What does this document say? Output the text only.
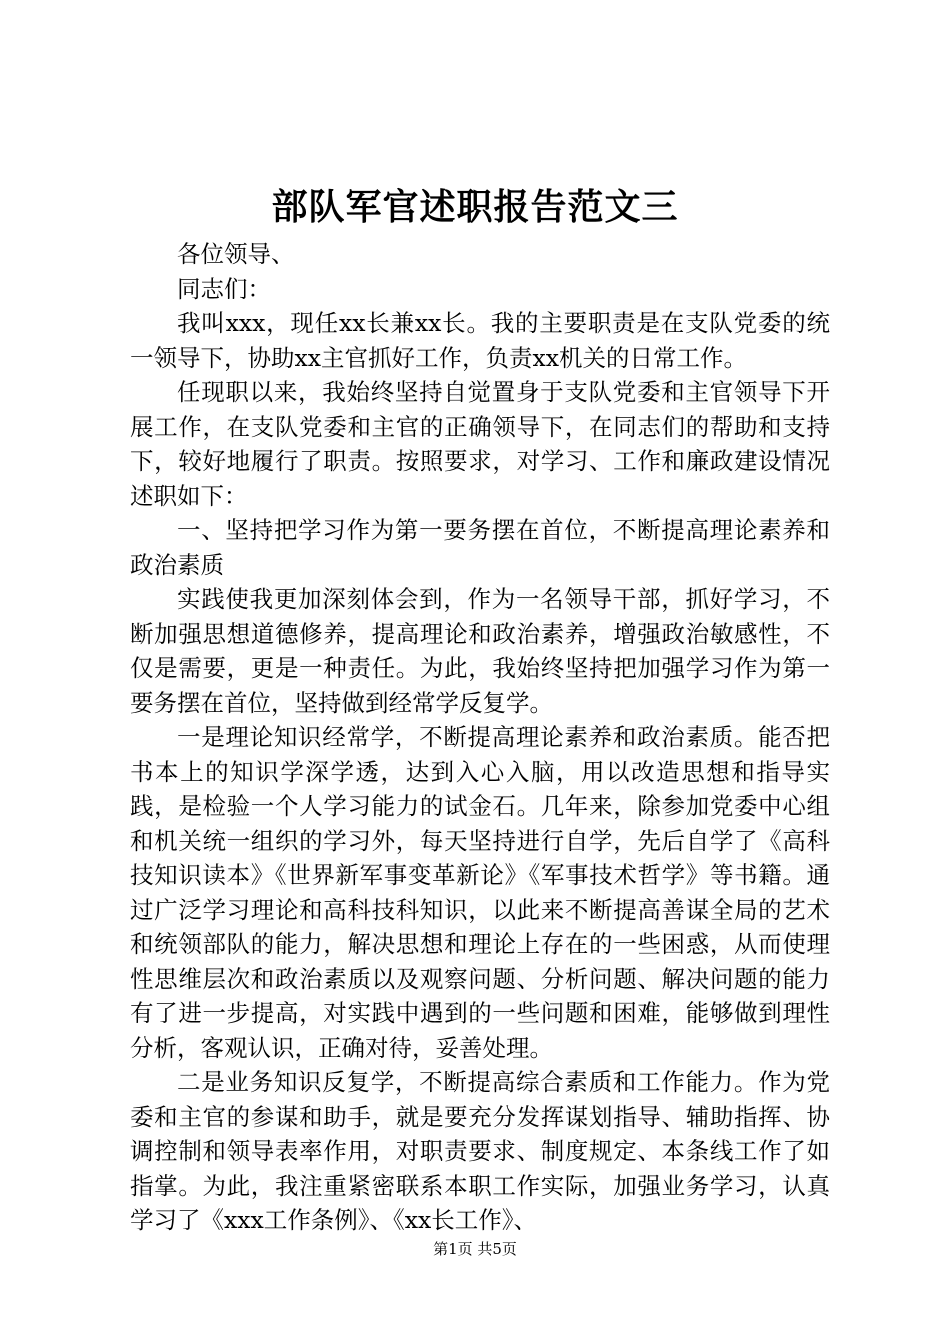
部队军官述职报告范文三

各位领导、

同志们：

我叫xxx，现任xx长兼xx长。我的主要职责是在支队党委的统一领导下，协助xx主官抓好工作，负责xx机关的日常工作。

任现职以来，我始终坚持自觉置身于支队党委和主官领导下开展工作，在支队党委和主官的正确领导下，在同志们的帮助和支持下，较好地履行了职责。按照要求，对学习、工作和廉政建设情况述职如下：

一、坚持把学习作为第一要务摆在首位，不断提高理论素养和政治素质

实践使我更加深刻体会到，作为一名领导干部，抓好学习，不断加强思想道德修养，提高理论和政治素养，增强政治敏感性，不仅是需要，更是一种责任。为此，我始终坚持把加强学习作为第一要务摆在首位，坚持做到经常学反复学。

一是理论知识经常学，不断提高理论素养和政治素质。能否把书本上的知识学深学透，达到入心入脑，用以改造思想和指导实践，是检验一个人学习能力的试金石。几年来，除参加党委中心组和机关统一组织的学习外，每天坚持进行自学，先后自学了《高科技知识读本》《世界新军事变革新论》《军事技术哲学》等书籍。通过广泛学习理论和高科技科知识，以此来不断提高善谋全局的艺术和统领部队的能力，解决思想和理论上存在的一些困惑，从而使理性思维层次和政治素质以及观察问题、分析问题、解决问题的能力有了进一步提高，对实践中遇到的一些问题和困难，能够做到理性分析，客观认识，正确对待，妥善处理。

二是业务知识反复学，不断提高综合素质和工作能力。作为党委和主官的参谋和助手，就是要充分发挥谋划指导、辅助指挥、协调控制和领导表率作用，对职责要求、制度规定、本条线工作了如指掌。为此，我注重紧密联系本职工作实际，加强业务学习，认真学习了《xxx工作条例》、《xx长工作》、

第1页 共5页
